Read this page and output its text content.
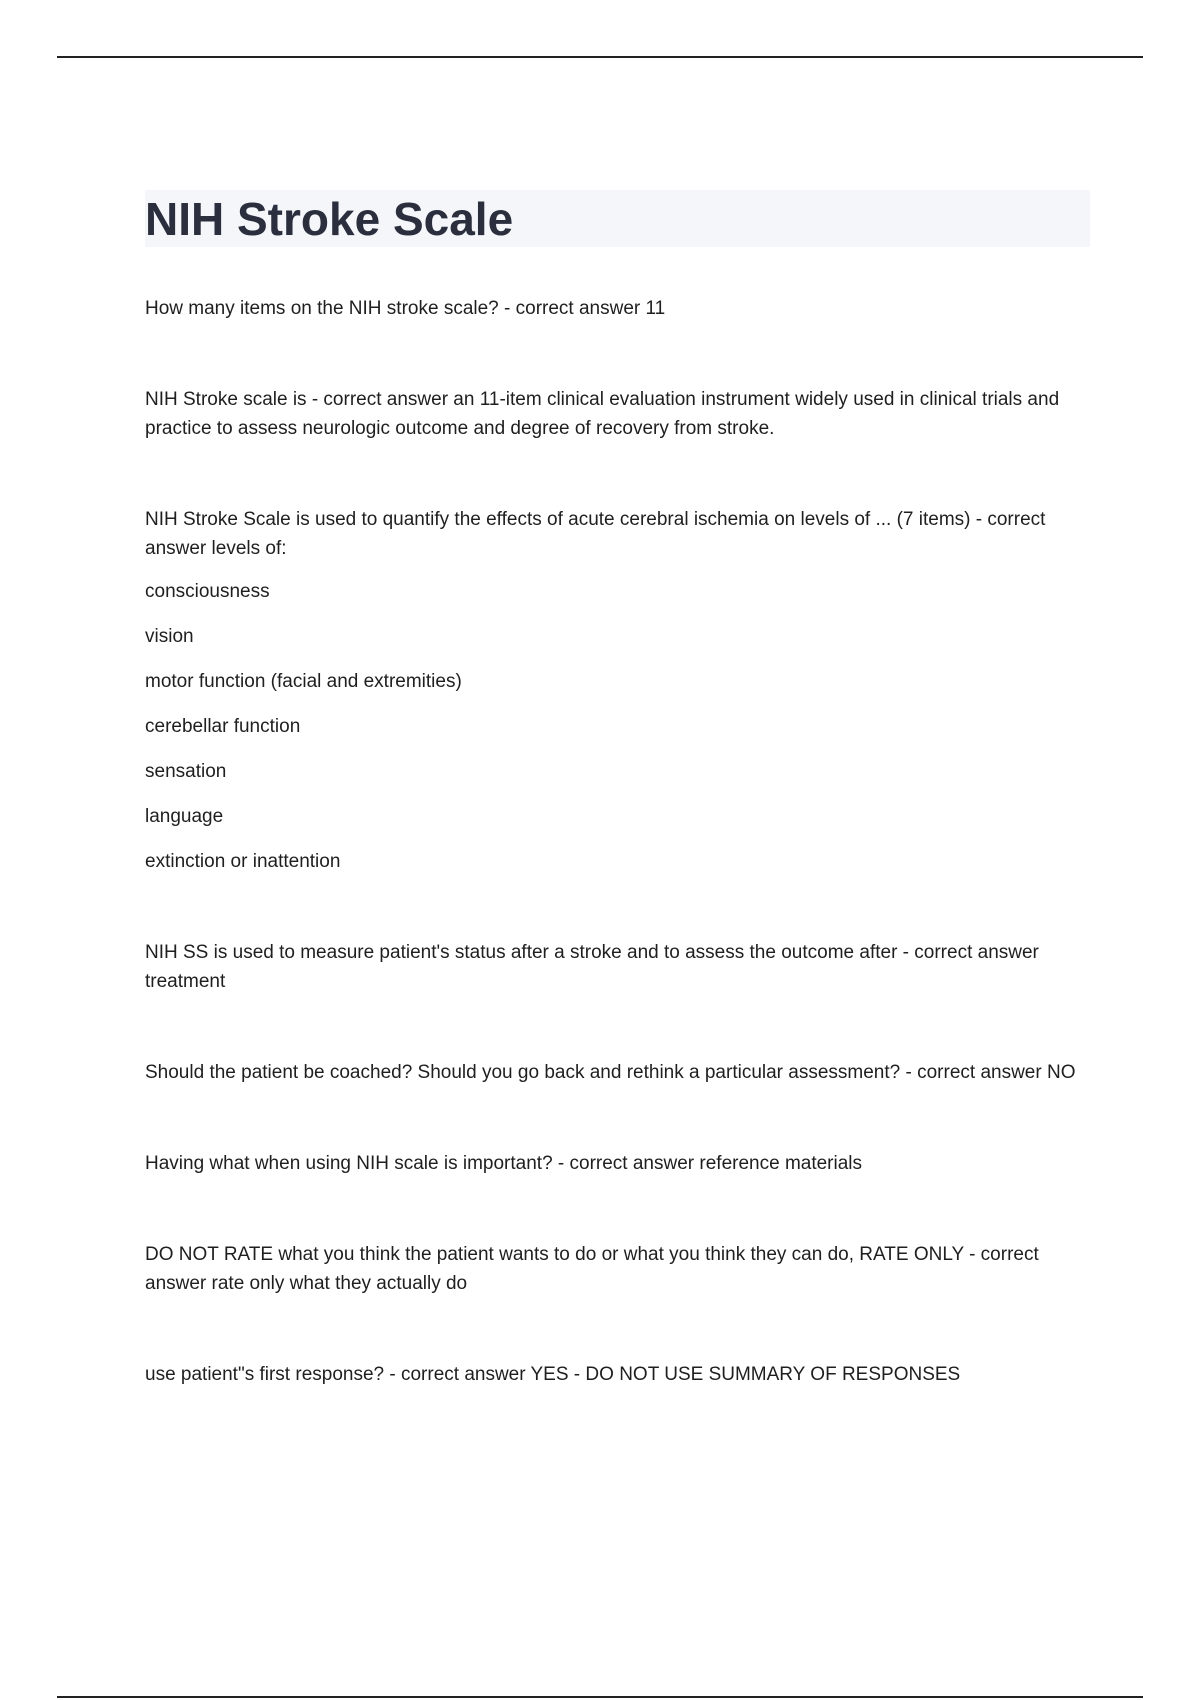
NIH Stroke Scale

How many items on the NIH stroke scale? - correct answer 11

NIH Stroke scale is - correct answer an 11-item clinical evaluation instrument widely used in clinical trials and practice to assess neurologic outcome and degree of recovery from stroke.

NIH Stroke Scale is used to quantify the effects of acute cerebral ischemia on levels of ... (7 items) - correct answer levels of:
consciousness
vision
motor function (facial and extremities)
cerebellar function
sensation
language
extinction or inattention

NIH SS is used to measure patient's status after a stroke and to assess the outcome after - correct answer treatment

Should the patient be coached? Should you go back and rethink a particular assessment? - correct answer NO

Having what when using NIH scale is important? - correct answer reference materials

DO NOT RATE what you think the patient wants to do or what you think they can do, RATE ONLY - correct answer rate only what they actually do

use patient"s first response? - correct answer YES - DO NOT USE SUMMARY OF RESPONSES
